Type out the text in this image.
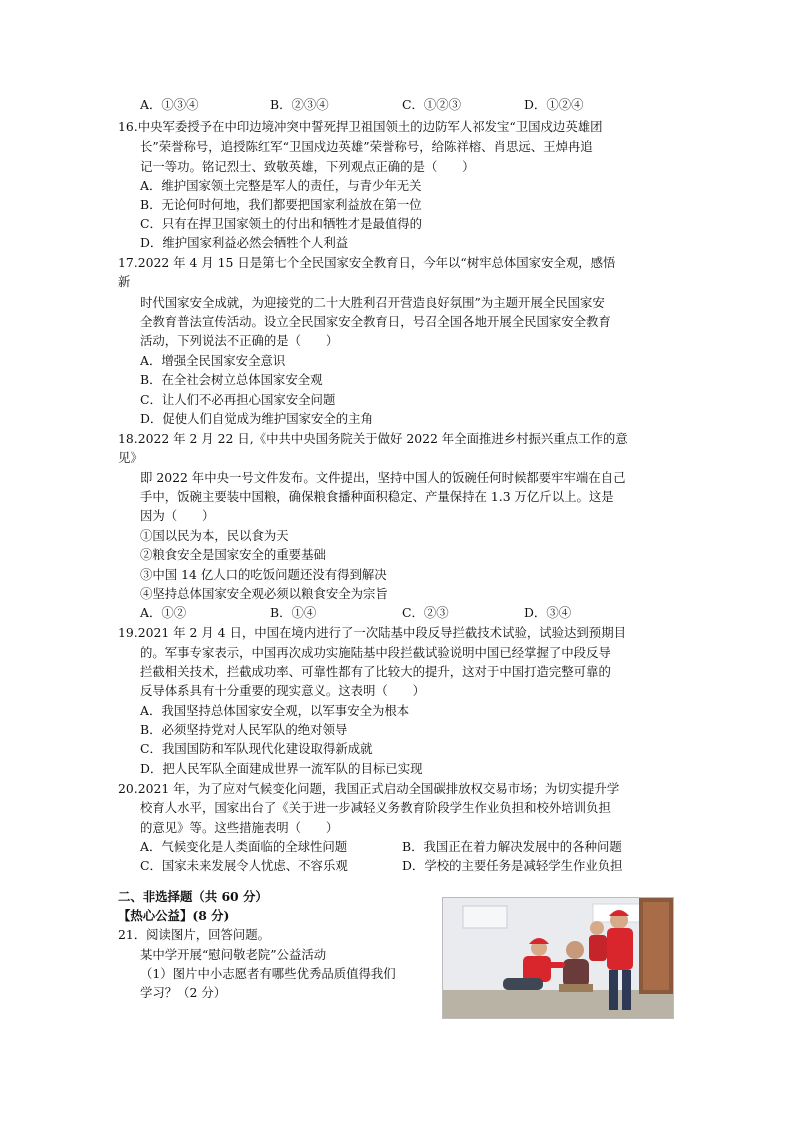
A．①③④	B．②③④	C．①②③	D．①②④
16.中央军委授予在中印边境冲突中誓死捍卫祖国领土的边防军人祁发宝“卫国戍边英雄团
长”荣誉称号，追授陈红军“卫国戍边英雄”荣誉称号，给陈祥榕、肖思远、王焯冉追
记一等功。铭记烈士、致敬英雄，下列观点正确的是（　　）
A．维护国家领土完整是军人的责任，与青少年无关
B．无论何时何地，我们都要把国家利益放在第一位
C．只有在捍卫国家领土的付出和牺牲才是最值得的
D．维护国家利益必然会牺牲个人利益
17.2022 年 4 月 15 日是第七个全民国家安全教育日，今年以“树牢总体国家安全观，感悟
新
时代国家安全成就，为迎接党的二十大胜利召开营造良好氛围”为主题开展全民国家安
全教育普法宣传活动。设立全民国家安全教育日，号召全国各地开展全民国家安全教育
活动，下列说法不正确的是（　　）
A．增强全民国家安全意识
B．在全社会树立总体国家安全观
C．让人们不必再担心国家安全问题
D．促使人们自觉成为维护国家安全的主角
18.2022 年 2 月 22 日,《中共中央国务院关于做好 2022 年全面推进乡村振兴重点工作的意
见》
即 2022 年中央一号文件发布。文件提出，坚持中国人的饭碗任何时候都要牢牢端在自己
手中，饭碗主要装中国粮，确保粮食播种面积稳定、产量保持在 1.3 万亿斤以上。这是
因为（　　）
①国以民为本，民以食为天
②粮食安全是国家安全的重要基础
③中国 14 亿人口的吃饭问题还没有得到解决
④坚持总体国家安全观必须以粮食安全为宗旨
A．①②	B．①④	C．②③	D．③④
19.2021 年 2 月 4 日，中国在境内进行了一次陆基中段反导拦截技术试验，试验达到预期目
的。军事专家表示，中国再次成功实施陆基中段拦截试验说明中国已经掌握了中段反导
拦截相关技术，拦截成功率、可靠性都有了比较大的提升，这对于中国打造完整可靠的
反导体系具有十分重要的现实意义。这表明（　　）
A．我国坚持总体国家安全观，以军事安全为根本
B．必须坚持党对人民军队的绝对领导
C．我国国防和军队现代化建设取得新成就
D．把人民军队全面建成世界一流军队的目标已实现
20.2021 年，为了应对气候变化问题，我国正式启动全国碳排放权交易市场；为切实提升学
校育人水平，国家出台了《关于进一步减轻义务教育阶段学生作业负担和校外培训负担
的意见》等。这些措施表明（　　）
A．气候变化是人类面临的全球性问题	B．我国正在着力解决发展中的各种问题
C．国家未来发展令人忧虑、不容乐观	D．学校的主要任务是减轻学生作业负担
二、非选择题（共 60 分）
【热心公益】(8 分)
21．阅读图片，回答问题。
某中学开展“慰问敬老院”公益活动
（1）图片中小志愿者有哪些优秀品质值得我们
学习？（2 分）
